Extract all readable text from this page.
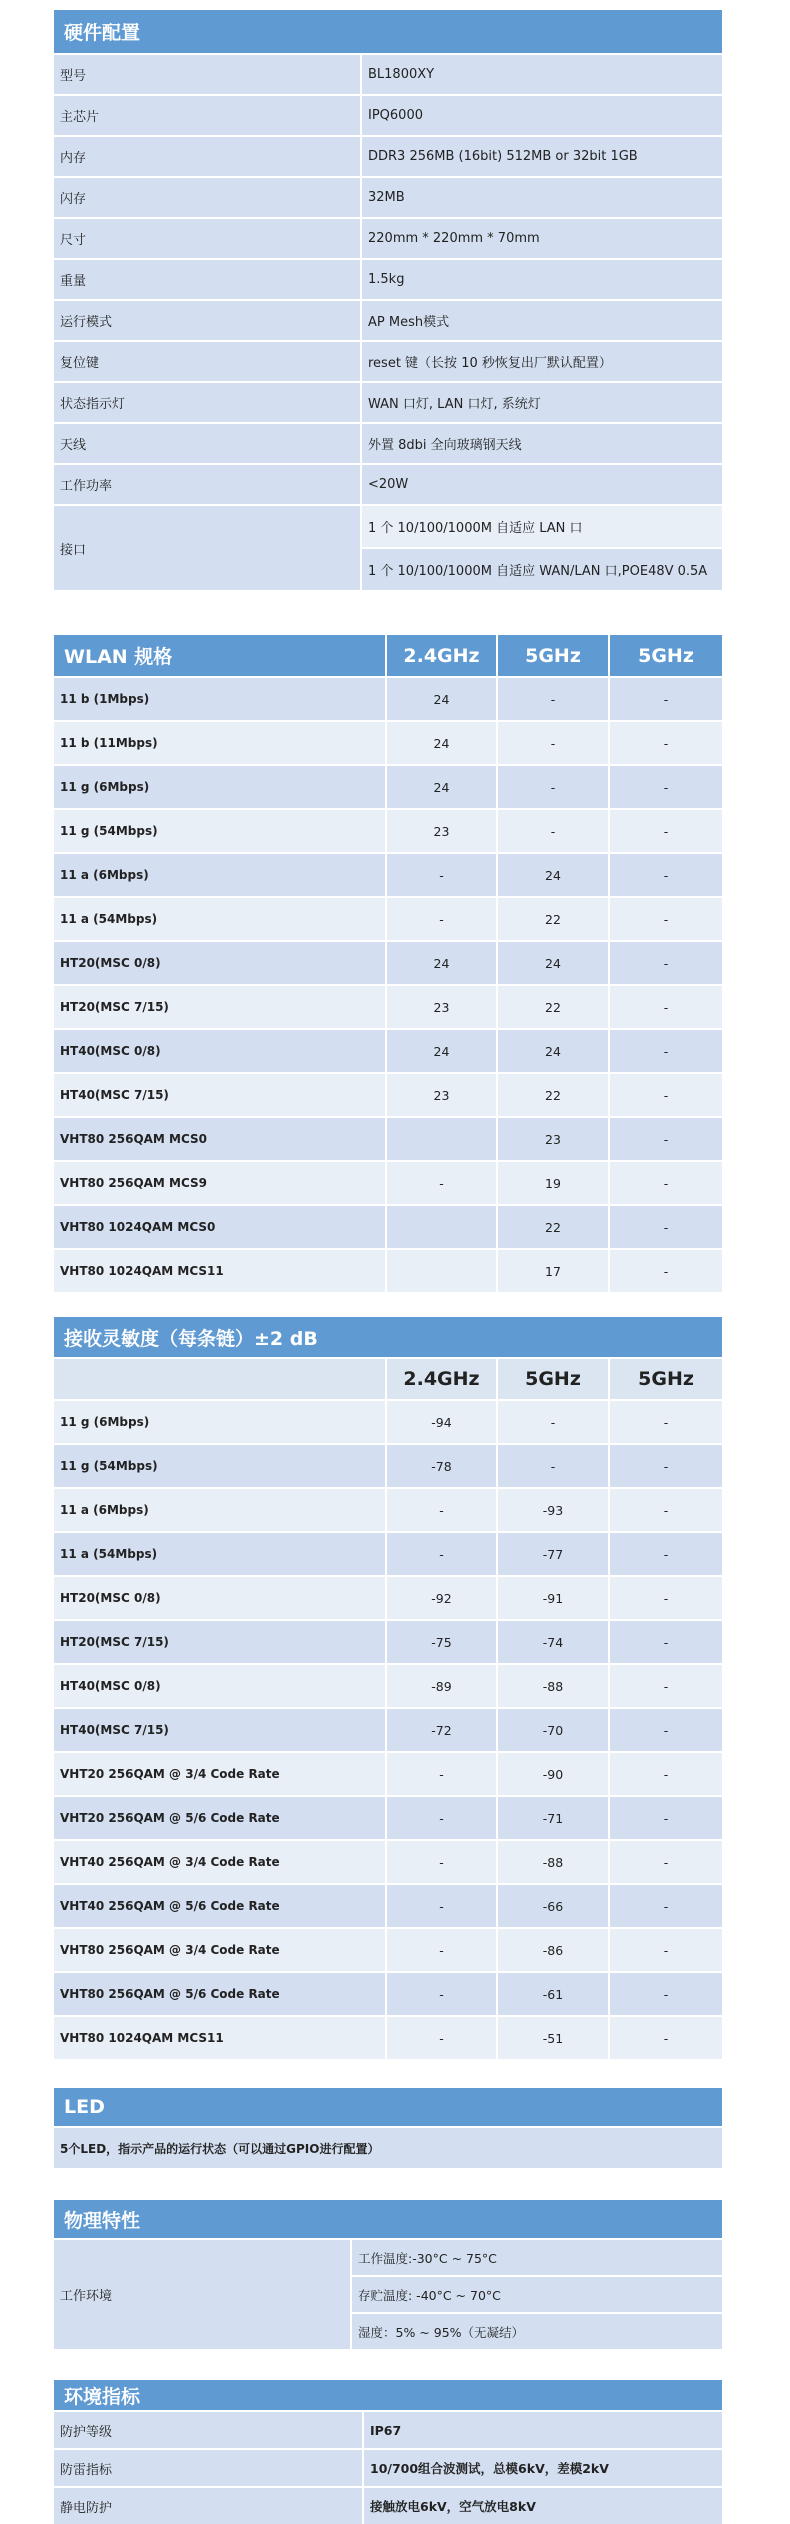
硬件配置	
型号	BL1800XY
主芯片	IPQ6000
内存	DDR3 256MB (16bit) 512MB or 32bit 1GB
闪存	32MB
尺寸	220mm * 220mm * 70mm
重量	1.5kg
运行模式	AP Mesh模式
复位键	reset 键（长按 10 秒恢复出厂默认配置）
状态指示灯	WAN 口灯, LAN 口灯, 系统灯
天线	外置 8dbi 全向玻璃钢天线
工作功率	<20W
接口	1 个 10/100/1000M 自适应 LAN 口
	1 个 10/100/1000M 自适应 WAN/LAN 口,POE48V 0.5A
WLAN 规格	2.4GHz	5GHz	5GHz
11 b (1Mbps)	24	-	-
11 b (11Mbps)	24	-	-
11 g (6Mbps)	24	-	-
11 g (54Mbps)	23	-	-
11 a (6Mbps)	-	24	-
11 a (54Mbps)	-	22	-
HT20(MSC 0/8)	24	24	-
HT20(MSC 7/15)	23	22	-
HT40(MSC 0/8)	24	24	-
HT40(MSC 7/15)	23	22	-
VHT80 256QAM MCS0		23	-
VHT80 256QAM MCS9	-	19	-
VHT80 1024QAM MCS0		22	-
VHT80 1024QAM MCS11		17	-
接收灵敏度（每条链）±2 dB			
	2.4GHz	5GHz	5GHz
11 g (6Mbps)	-94	-	-
11 g (54Mbps)	-78	-	-
11 a (6Mbps)	-	-93	-
11 a (54Mbps)	-	-77	-
HT20(MSC 0/8)	-92	-91	-
HT20(MSC 7/15)	-75	-74	-
HT40(MSC 0/8)	-89	-88	-
HT40(MSC 7/15)	-72	-70	-
VHT20 256QAM @ 3/4 Code Rate	-	-90	-
VHT20 256QAM @ 5/6 Code Rate	-	-71	-
VHT40 256QAM @ 3/4 Code Rate	-	-88	-
VHT40 256QAM @ 5/6 Code Rate	-	-66	-
VHT80 256QAM @ 3/4 Code Rate	-	-86	-
VHT80 256QAM @ 5/6 Code Rate	-	-61	-
VHT80 1024QAM MCS11	-	-51	-
LED
5个LED，指示产品的运行状态（可以通过GPIO进行配置）
物理特性
工作环境	工作温度:-30°C ~ 75°C
存贮温度: -40°C ~ 70°C
湿度：5% ~ 95%（无凝结）
环境指标	
防护等级	IP67
防雷指标	10/700组合波测试，总模6kV，差模2kV
静电防护	接触放电6kV，空气放电8kV
